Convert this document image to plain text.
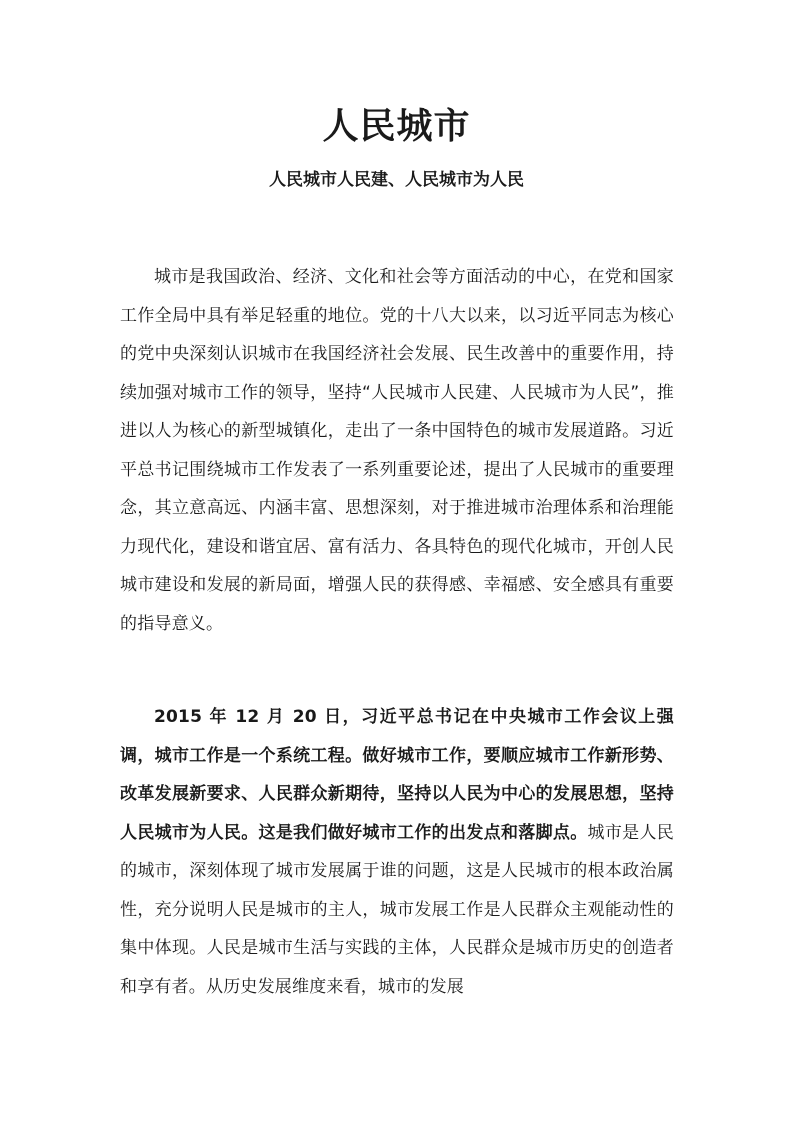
人民城市
人民城市人民建、人民城市为人民

城市是我国政治、经济、文化和社会等方面活动的中心，在党和国家工作全局中具有举足轻重的地位。党的十八大以来，以习近平同志为核心的党中央深刻认识城市在我国经济社会发展、民生改善中的重要作用，持续加强对城市工作的领导，坚持“人民城市人民建、人民城市为人民”，推进以人为核心的新型城镇化，走出了一条中国特色的城市发展道路。习近平总书记围绕城市工作发表了一系列重要论述，提出了人民城市的重要理念，其立意高远、内涵丰富、思想深刻，对于推进城市治理体系和治理能力现代化，建设和谐宜居、富有活力、各具特色的现代化城市，开创人民城市建设和发展的新局面，增强人民的获得感、幸福感、安全感具有重要的指导意义。

2015 年 12 月 20 日，习近平总书记在中央城市工作会议上强调，城市工作是一个系统工程。做好城市工作，要顺应城市工作新形势、改革发展新要求、人民群众新期待，坚持以人民为中心的发展思想，坚持人民城市为人民。这是我们做好城市工作的出发点和落脚点。城市是人民的城市，深刻体现了城市发展属于谁的问题，这是人民城市的根本政治属性，充分说明人民是城市的主人，城市发展工作是人民群众主观能动性的集中体现。人民是城市生活与实践的主体，人民群众是城市历史的创造者和享有者。从历史发展维度来看，城市的发展
